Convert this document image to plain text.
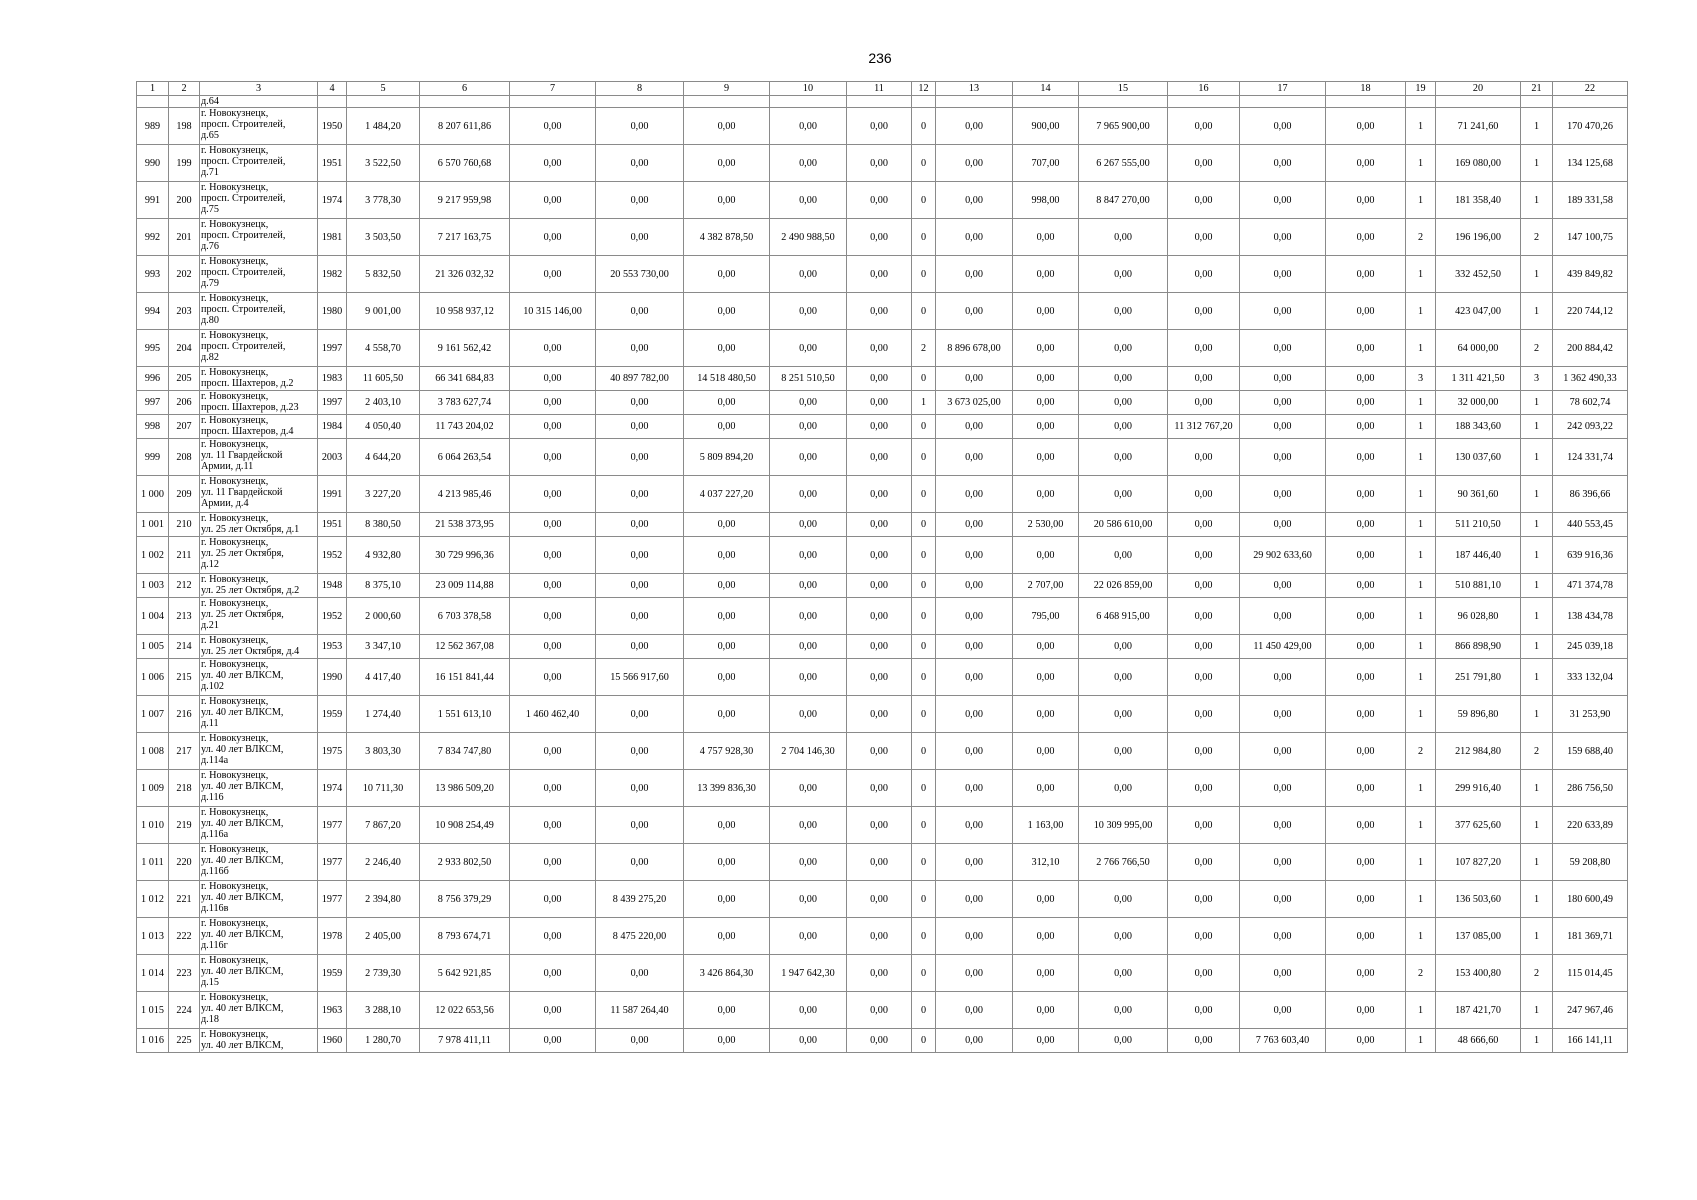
236
1	2	3	4	5	6	7	8	9	10	11	12	13	14	15	16	17	18	19	20	21	22
		д.64																			
989	198	г. Новокузнецк,
просп. Строителей,
д.65	1950	1 484,20	8 207 611,86	0,00	0,00	0,00	0,00	0,00	0	0,00	900,00	7 965 900,00	0,00	0,00	0,00	1	71 241,60	1	170 470,26
990	199	г. Новокузнецк,
просп. Строителей,
д.71	1951	3 522,50	6 570 760,68	0,00	0,00	0,00	0,00	0,00	0	0,00	707,00	6 267 555,00	0,00	0,00	0,00	1	169 080,00	1	134 125,68
991	200	г. Новокузнецк,
просп. Строителей,
д.75	1974	3 778,30	9 217 959,98	0,00	0,00	0,00	0,00	0,00	0	0,00	998,00	8 847 270,00	0,00	0,00	0,00	1	181 358,40	1	189 331,58
992	201	г. Новокузнецк,
просп. Строителей,
д.76	1981	3 503,50	7 217 163,75	0,00	0,00	4 382 878,50	2 490 988,50	0,00	0	0,00	0,00	0,00	0,00	0,00	0,00	2	196 196,00	2	147 100,75
993	202	г. Новокузнецк,
просп. Строителей,
д.79	1982	5 832,50	21 326 032,32	0,00	20 553 730,00	0,00	0,00	0,00	0	0,00	0,00	0,00	0,00	0,00	0,00	1	332 452,50	1	439 849,82
994	203	г. Новокузнецк,
просп. Строителей,
д.80	1980	9 001,00	10 958 937,12	10 315 146,00	0,00	0,00	0,00	0,00	0	0,00	0,00	0,00	0,00	0,00	0,00	1	423 047,00	1	220 744,12
995	204	г. Новокузнецк,
просп. Строителей,
д.82	1997	4 558,70	9 161 562,42	0,00	0,00	0,00	0,00	0,00	2	8 896 678,00	0,00	0,00	0,00	0,00	0,00	1	64 000,00	2	200 884,42
996	205	г. Новокузнецк,
просп. Шахтеров, д.2	1983	11 605,50	66 341 684,83	0,00	40 897 782,00	14 518 480,50	8 251 510,50	0,00	0	0,00	0,00	0,00	0,00	0,00	0,00	3	1 311 421,50	3	1 362 490,33
997	206	г. Новокузнецк,
просп. Шахтеров, д.23	1997	2 403,10	3 783 627,74	0,00	0,00	0,00	0,00	0,00	1	3 673 025,00	0,00	0,00	0,00	0,00	0,00	1	32 000,00	1	78 602,74
998	207	г. Новокузнецк,
просп. Шахтеров, д.4	1984	4 050,40	11 743 204,02	0,00	0,00	0,00	0,00	0,00	0	0,00	0,00	0,00	11 312 767,20	0,00	0,00	1	188 343,60	1	242 093,22
999	208	г. Новокузнецк,
ул. 11 Гвардейской
Армии, д.11	2003	4 644,20	6 064 263,54	0,00	0,00	5 809 894,20	0,00	0,00	0	0,00	0,00	0,00	0,00	0,00	0,00	1	130 037,60	1	124 331,74
1 000	209	г. Новокузнецк,
ул. 11 Гвардейской
Армии, д.4	1991	3 227,20	4 213 985,46	0,00	0,00	4 037 227,20	0,00	0,00	0	0,00	0,00	0,00	0,00	0,00	0,00	1	90 361,60	1	86 396,66
1 001	210	г. Новокузнецк,
ул. 25 лет Октября, д.1	1951	8 380,50	21 538 373,95	0,00	0,00	0,00	0,00	0,00	0	0,00	2 530,00	20 586 610,00	0,00	0,00	0,00	1	511 210,50	1	440 553,45
1 002	211	г. Новокузнецк,
ул. 25 лет Октября,
д.12	1952	4 932,80	30 729 996,36	0,00	0,00	0,00	0,00	0,00	0	0,00	0,00	0,00	0,00	29 902 633,60	0,00	1	187 446,40	1	639 916,36
1 003	212	г. Новокузнецк,
ул. 25 лет Октября, д.2	1948	8 375,10	23 009 114,88	0,00	0,00	0,00	0,00	0,00	0	0,00	2 707,00	22 026 859,00	0,00	0,00	0,00	1	510 881,10	1	471 374,78
1 004	213	г. Новокузнецк,
ул. 25 лет Октября,
д.21	1952	2 000,60	6 703 378,58	0,00	0,00	0,00	0,00	0,00	0	0,00	795,00	6 468 915,00	0,00	0,00	0,00	1	96 028,80	1	138 434,78
1 005	214	г. Новокузнецк,
ул. 25 лет Октября, д.4	1953	3 347,10	12 562 367,08	0,00	0,00	0,00	0,00	0,00	0	0,00	0,00	0,00	0,00	11 450 429,00	0,00	1	866 898,90	1	245 039,18
1 006	215	г. Новокузнецк,
ул. 40 лет ВЛКСМ,
д.102	1990	4 417,40	16 151 841,44	0,00	15 566 917,60	0,00	0,00	0,00	0	0,00	0,00	0,00	0,00	0,00	0,00	1	251 791,80	1	333 132,04
1 007	216	г. Новокузнецк,
ул. 40 лет ВЛКСМ,
д.11	1959	1 274,40	1 551 613,10	1 460 462,40	0,00	0,00	0,00	0,00	0	0,00	0,00	0,00	0,00	0,00	0,00	1	59 896,80	1	31 253,90
1 008	217	г. Новокузнецк,
ул. 40 лет ВЛКСМ,
д.114а	1975	3 803,30	7 834 747,80	0,00	0,00	4 757 928,30	2 704 146,30	0,00	0	0,00	0,00	0,00	0,00	0,00	0,00	2	212 984,80	2	159 688,40
1 009	218	г. Новокузнецк,
ул. 40 лет ВЛКСМ,
д.116	1974	10 711,30	13 986 509,20	0,00	0,00	13 399 836,30	0,00	0,00	0	0,00	0,00	0,00	0,00	0,00	0,00	1	299 916,40	1	286 756,50
1 010	219	г. Новокузнецк,
ул. 40 лет ВЛКСМ,
д.116а	1977	7 867,20	10 908 254,49	0,00	0,00	0,00	0,00	0,00	0	0,00	1 163,00	10 309 995,00	0,00	0,00	0,00	1	377 625,60	1	220 633,89
1 011	220	г. Новокузнецк,
ул. 40 лет ВЛКСМ,
д.116б	1977	2 246,40	2 933 802,50	0,00	0,00	0,00	0,00	0,00	0	0,00	312,10	2 766 766,50	0,00	0,00	0,00	1	107 827,20	1	59 208,80
1 012	221	г. Новокузнецк,
ул. 40 лет ВЛКСМ,
д.116в	1977	2 394,80	8 756 379,29	0,00	8 439 275,20	0,00	0,00	0,00	0	0,00	0,00	0,00	0,00	0,00	0,00	1	136 503,60	1	180 600,49
1 013	222	г. Новокузнецк,
ул. 40 лет ВЛКСМ,
д.116г	1978	2 405,00	8 793 674,71	0,00	8 475 220,00	0,00	0,00	0,00	0	0,00	0,00	0,00	0,00	0,00	0,00	1	137 085,00	1	181 369,71
1 014	223	г. Новокузнецк,
ул. 40 лет ВЛКСМ,
д.15	1959	2 739,30	5 642 921,85	0,00	0,00	3 426 864,30	1 947 642,30	0,00	0	0,00	0,00	0,00	0,00	0,00	0,00	2	153 400,80	2	115 014,45
1 015	224	г. Новокузнецк,
ул. 40 лет ВЛКСМ,
д.18	1963	3 288,10	12 022 653,56	0,00	11 587 264,40	0,00	0,00	0,00	0	0,00	0,00	0,00	0,00	0,00	0,00	1	187 421,70	1	247 967,46
1 016	225	г. Новокузнецк,
ул. 40 лет ВЛКСМ,	1960	1 280,70	7 978 411,11	0,00	0,00	0,00	0,00	0,00	0	0,00	0,00	0,00	0,00	7 763 603,40	0,00	1	48 666,60	1	166 141,11
